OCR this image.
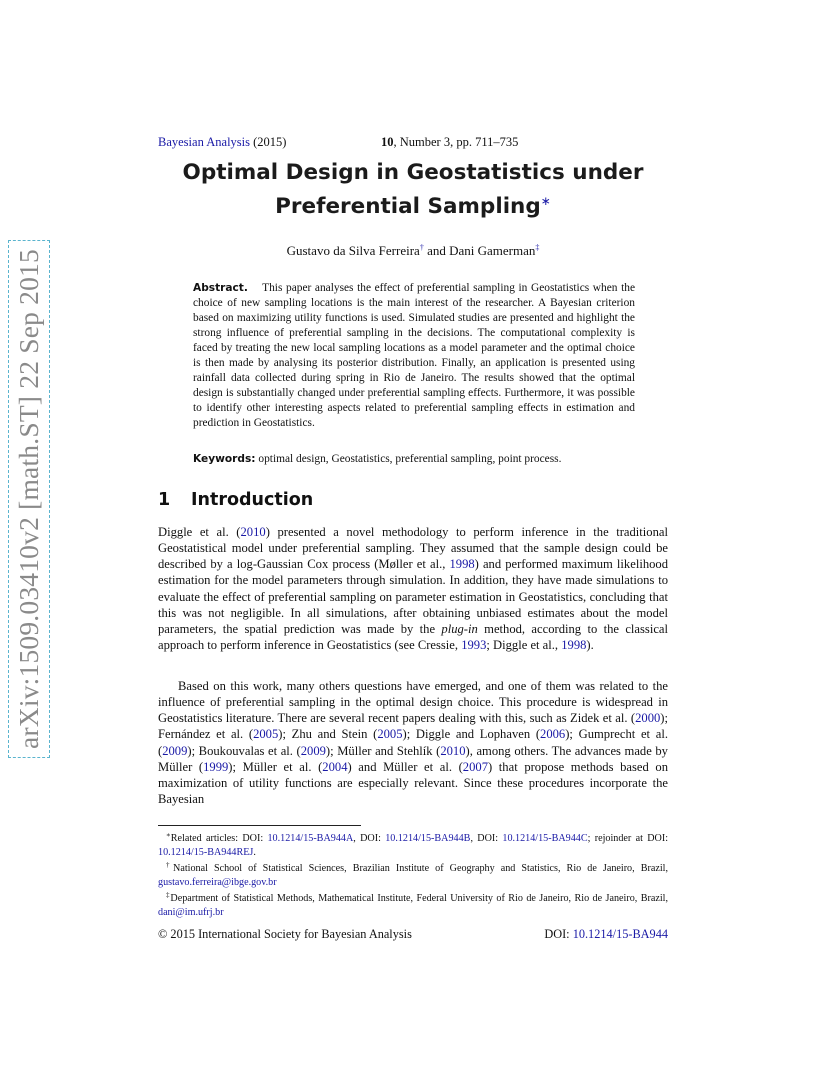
arXiv:1509.03410v2 [math.ST] 22 Sep 2015
Bayesian Analysis (2015)	10, Number 3, pp. 711–735
Optimal Design in Geostatistics under
Preferential Sampling∗
Gustavo da Silva Ferreira† and Dani Gamerman‡
Abstract. This paper analyses the effect of preferential sampling in Geostatistics when the choice of new sampling locations is the main interest of the researcher. A Bayesian criterion based on maximizing utility functions is used. Simulated studies are presented and highlight the strong influence of preferential sampling in the decisions. The computational complexity is faced by treating the new local sampling locations as a model parameter and the optimal choice is then made by analysing its posterior distribution. Finally, an application is presented using rainfall data collected during spring in Rio de Janeiro. The results showed that the optimal design is substantially changed under preferential sampling effects. Furthermore, it was possible to identify other interesting aspects related to preferential sampling effects in estimation and prediction in Geostatistics.
Keywords: optimal design, Geostatistics, preferential sampling, point process.
1 Introduction
Diggle et al. (2010) presented a novel methodology to perform inference in the traditional Geostatistical model under preferential sampling. They assumed that the sample design could be described by a log-Gaussian Cox process (Møller et al., 1998) and performed maximum likelihood estimation for the model parameters through simulation. In addition, they have made simulations to evaluate the effect of preferential sampling on parameter estimation in Geostatistics, concluding that this was not negligible. In all simulations, after obtaining unbiased estimates about the model parameters, the spatial prediction was made by the plug-in method, according to the classical approach to perform inference in Geostatistics (see Cressie, 1993; Diggle et al., 1998).
Based on this work, many others questions have emerged, and one of them was related to the influence of preferential sampling in the optimal design choice. This procedure is widespread in Geostatistics literature. There are several recent papers dealing with this, such as Zidek et al. (2000); Fernández et al. (2005); Zhu and Stein (2005); Diggle and Lophaven (2006); Gumprecht et al. (2009); Boukouvalas et al. (2009); Müller and Stehlík (2010), among others. The advances made by Müller (1999); Müller et al. (2004) and Müller et al. (2007) that propose methods based on maximization of utility functions are especially relevant. Since these procedures incorporate the Bayesian

∗Related articles: DOI: 10.1214/15-BA944A, DOI: 10.1214/15-BA944B, DOI: 10.1214/15-BA944C; rejoinder at DOI: 10.1214/15-BA944REJ.

†National School of Statistical Sciences, Brazilian Institute of Geography and Statistics, Rio de Janeiro, Brazil, gustavo.ferreira@ibge.gov.br

‡Department of Statistical Methods, Mathematical Institute, Federal University of Rio de Janeiro, Rio de Janeiro, Brazil, dani@im.ufrj.br

© 2015 International Society for Bayesian Analysis	DOI: 10.1214/15-BA944
